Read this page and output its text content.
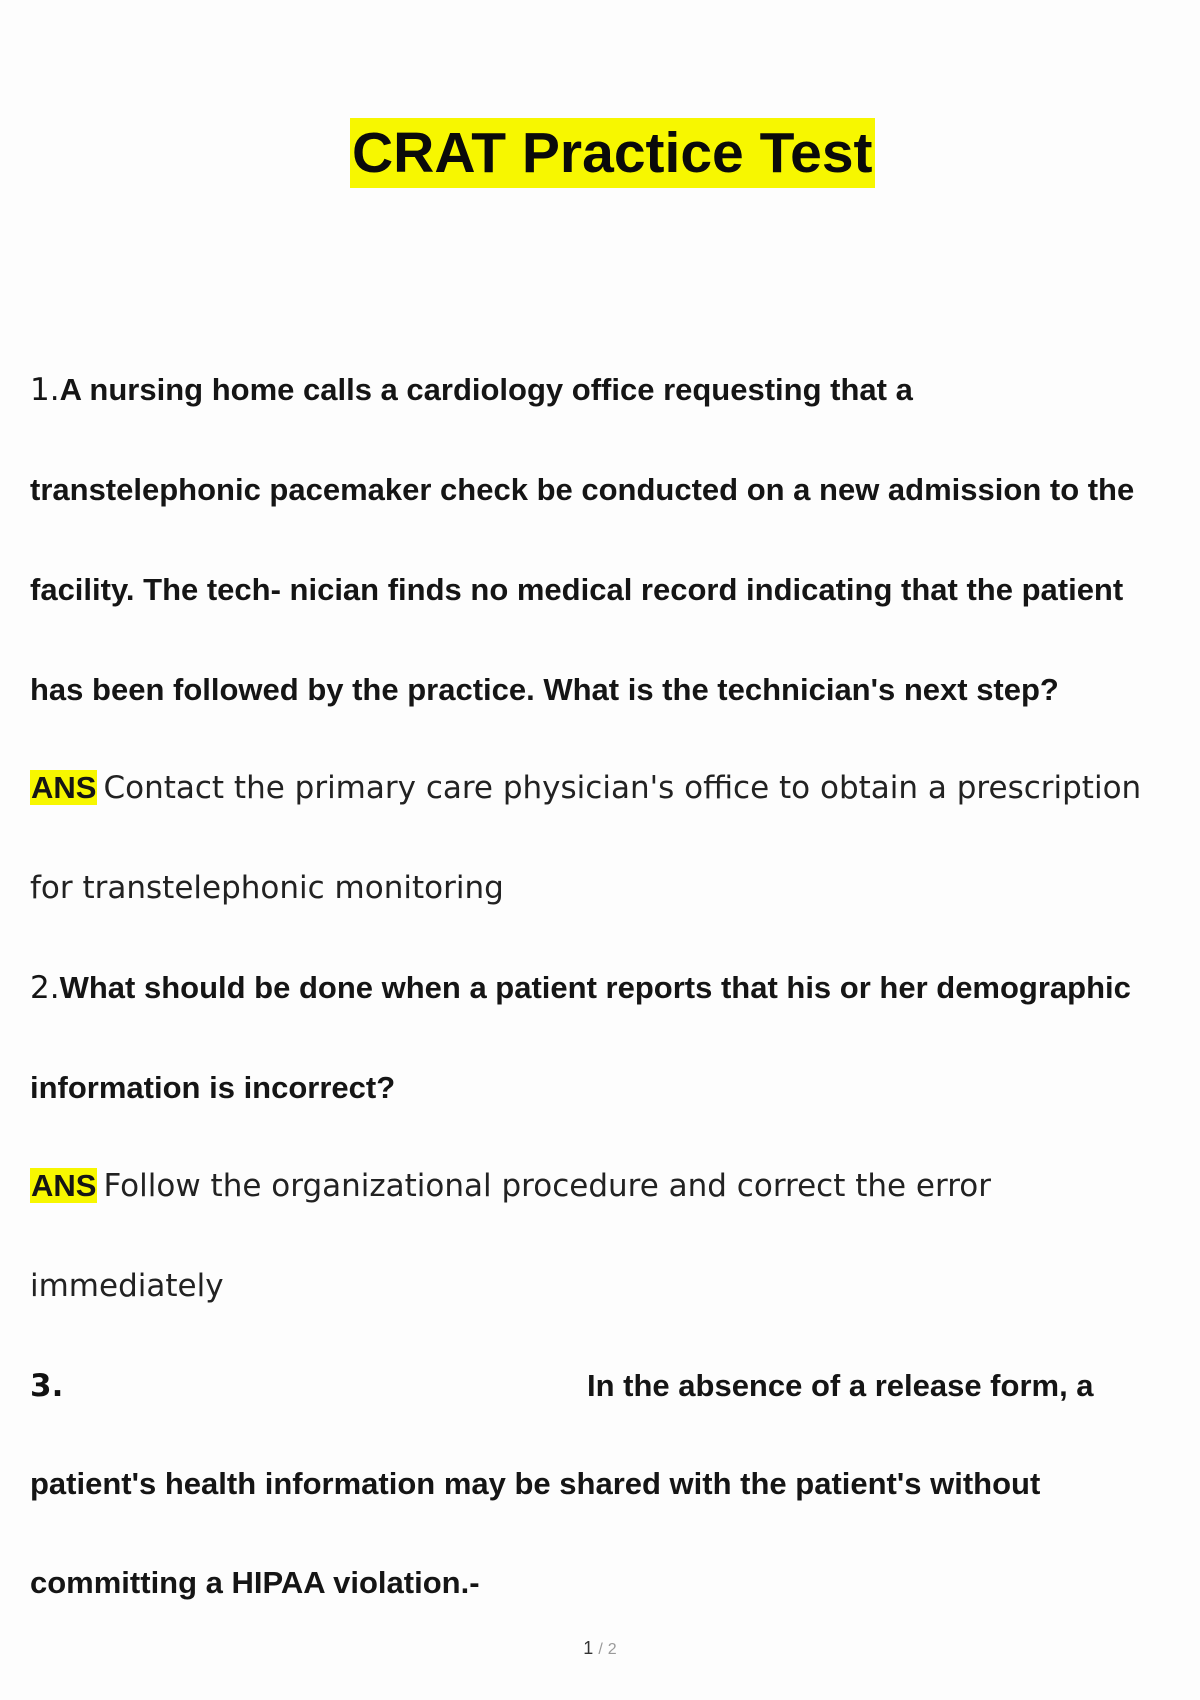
CRAT Practice Test
1.A nursing home calls a cardiology office requesting that a
transtelephonic pacemaker check be conducted on a new admission to the
facility. The tech- nician finds no medical record indicating that the patient
has been followed by the practice. What is the technician's next step?
ANS Contact the primary care physician's office to obtain a prescription
for transtelephonic monitoring
2.What should be done when a patient reports that his or her demographic
information is incorrect?
ANS Follow the organizational procedure and correct the error
immediately
3.	In the absence of a release form, a
patient's health information may be shared with the patient's without
committing a HIPAA violation.-
1 / 2
